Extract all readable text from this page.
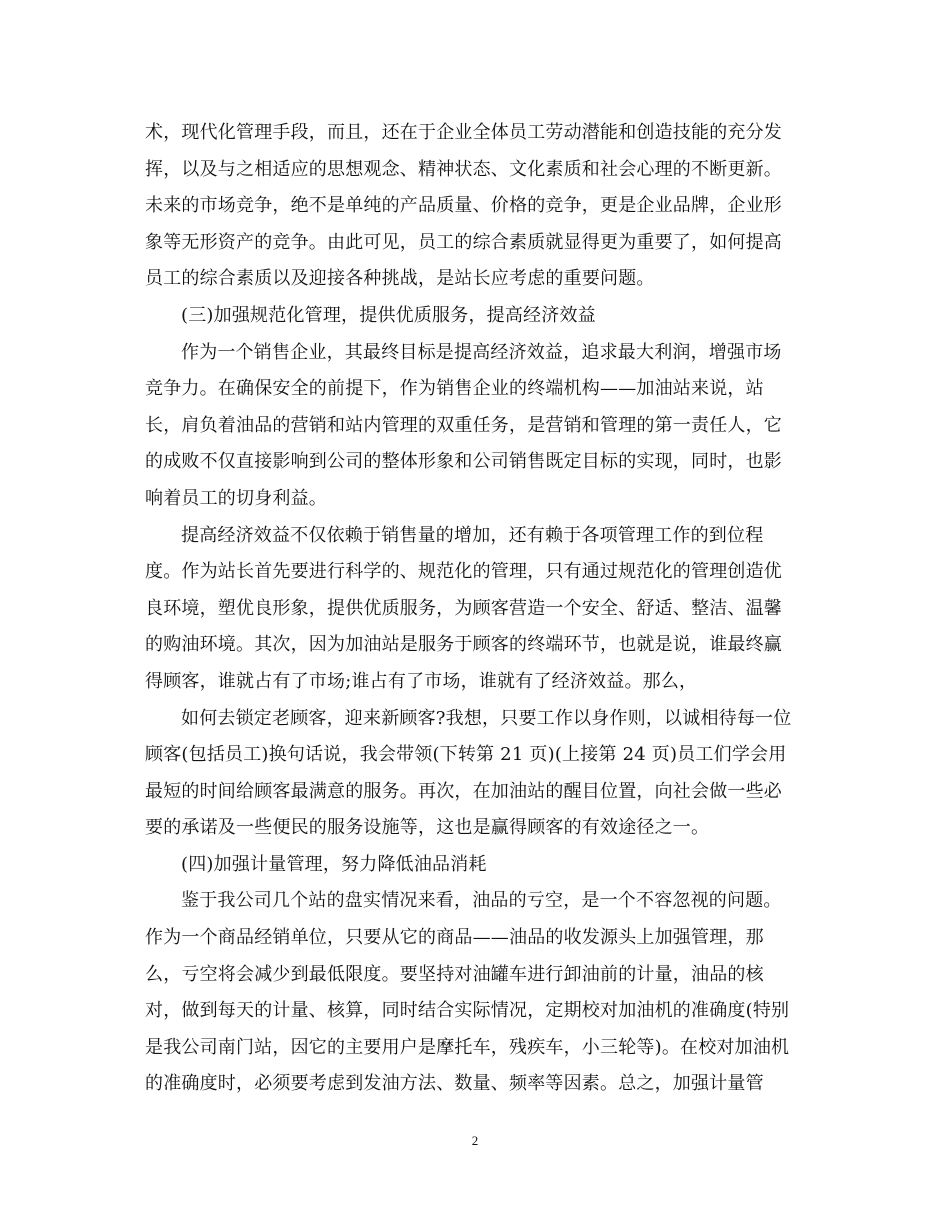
术，现代化管理手段，而且，还在于企业全体员工劳动潜能和创造技能的充分发
挥，以及与之相适应的思想观念、精神状态、文化素质和社会心理的不断更新。
未来的市场竞争，绝不是单纯的产品质量、价格的竞争，更是企业品牌，企业形
象等无形资产的竞争。由此可见，员工的综合素质就显得更为重要了，如何提高
员工的综合素质以及迎接各种挑战，是站长应考虑的重要问题。
(三)加强规范化管理，提供优质服务，提高经济效益
作为一个销售企业，其最终目标是提高经济效益，追求最大利润，增强市场
竞争力。在确保安全的前提下，作为销售企业的终端机构——加油站来说，站
长，肩负着油品的营销和站内管理的双重任务，是营销和管理的第一责任人，它
的成败不仅直接影响到公司的整体形象和公司销售既定目标的实现，同时，也影
响着员工的切身利益。
提高经济效益不仅依赖于销售量的增加，还有赖于各项管理工作的到位程
度。作为站长首先要进行科学的、规范化的管理，只有通过规范化的管理创造优
良环境，塑优良形象，提供优质服务，为顾客营造一个安全、舒适、整洁、温馨
的购油环境。其次，因为加油站是服务于顾客的终端环节，也就是说，谁最终赢
得顾客，谁就占有了市场;谁占有了市场，谁就有了经济效益。那么，
如何去锁定老顾客，迎来新顾客?我想，只要工作以身作则，以诚相待每一位
顾客(包括员工)换句话说，我会带领(下转第 21 页)(上接第 24 页)员工们学会用
最短的时间给顾客最满意的服务。再次，在加油站的醒目位置，向社会做一些必
要的承诺及一些便民的服务设施等，这也是赢得顾客的有效途径之一。
(四)加强计量管理，努力降低油品消耗
鉴于我公司几个站的盘实情况来看，油品的亏空，是一个不容忽视的问题。
作为一个商品经销单位，只要从它的商品——油品的收发源头上加强管理，那
么，亏空将会减少到最低限度。要坚持对油罐车进行卸油前的计量，油品的核
对，做到每天的计量、核算，同时结合实际情况，定期校对加油机的准确度(特别
是我公司南门站，因它的主要用户是摩托车，残疾车，小三轮等)。在校对加油机
的准确度时，必须要考虑到发油方法、数量、频率等因素。总之，加强计量管
2
